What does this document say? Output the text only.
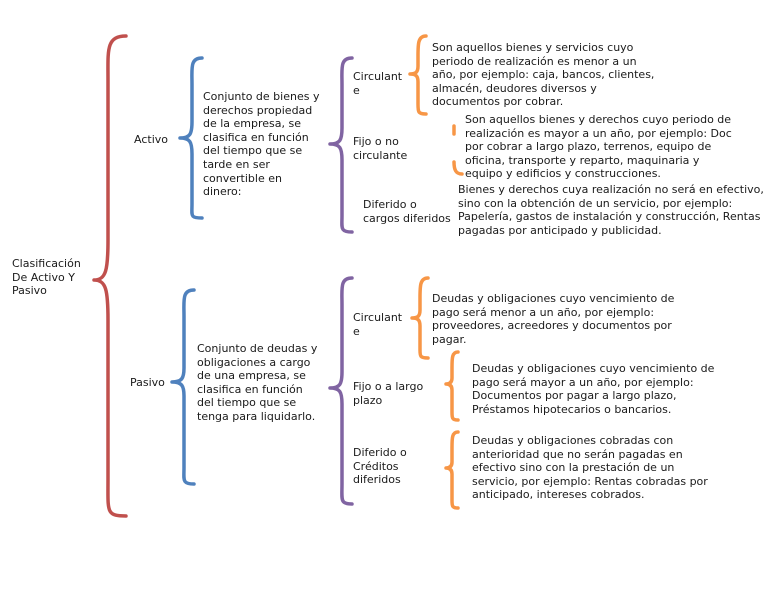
Clasificación
De Activo Y
Pasivo
Activo
Conjunto de bienes y
derechos propiedad
de la empresa, se
clasifica en función
del tiempo que se
tarde en ser
convertible en
dinero:
Circulant
e
Son aquellos bienes y servicios cuyo
periodo de realización es menor a un
año, por ejemplo: caja, bancos, clientes,
almacén, deudores diversos y
documentos por cobrar.
Fijo o no
circulante
Son aquellos bienes y derechos cuyo periodo de
realización es mayor a un año, por ejemplo: Doc
por cobrar a largo plazo, terrenos, equipo de
oficina, transporte y reparto, maquinaria y
equipo y edificios y construcciones.
Diferido o
cargos diferidos
Bienes y derechos cuya realización no será en efectivo,
sino con la obtención de un servicio, por ejemplo:
Papelería, gastos de instalación y construcción, Rentas
pagadas por anticipado y publicidad.
Pasivo
Conjunto de deudas y
obligaciones a cargo
de una empresa, se
clasifica en función
del tiempo que se
tenga para liquidarlo.
Circulant
e
Deudas y obligaciones cuyo vencimiento de
pago será menor a un año, por ejemplo:
proveedores, acreedores y documentos por
pagar.
Fijo o a largo
plazo
Deudas y obligaciones cuyo vencimiento de
pago será mayor a un año, por ejemplo:
Documentos por pagar a largo plazo,
Préstamos hipotecarios o bancarios.
Diferido o
Créditos
diferidos
Deudas y obligaciones cobradas con
anterioridad que no serán pagadas en
efectivo sino con la prestación de un
servicio, por ejemplo: Rentas cobradas por
anticipado, intereses cobrados.
